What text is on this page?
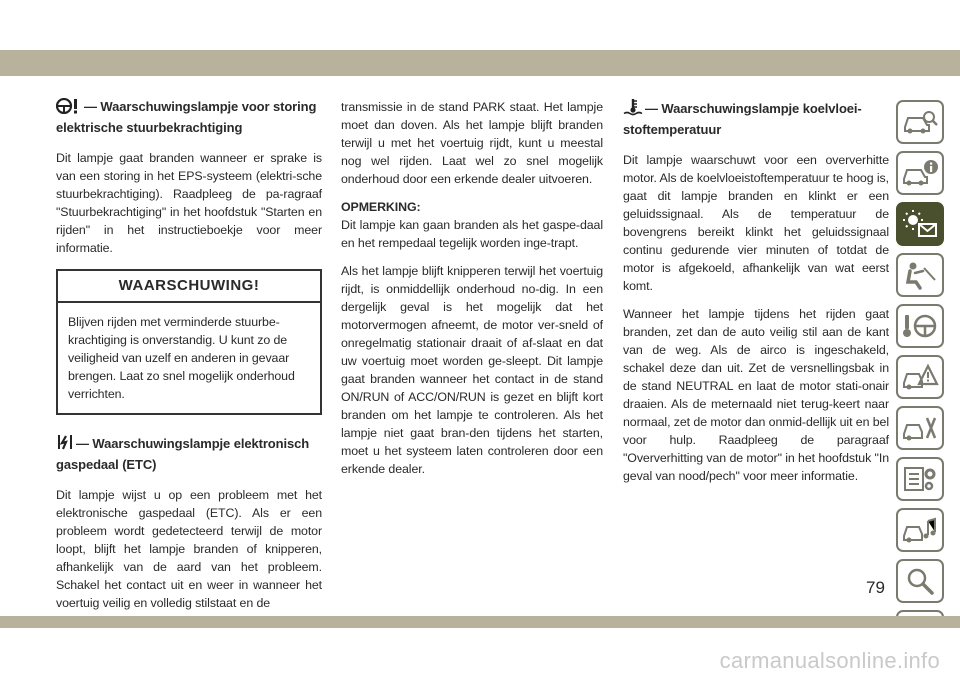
— Waarschuwingslampje voor storing elektrische stuurbekrachtiging

Dit lampje gaat branden wanneer er sprake is van een storing in het EPS-systeem (elektri-sche stuurbekrachtiging). Raadpleeg de pa-ragraaf "Stuurbekrachtiging" in het hoofdstuk "Starten en rijden" in het instructieboekje voor meer informatie.

WAARSCHUWING!
Blijven rijden met verminderde stuurbe-krachtiging is onverstandig. U kunt zo de veiligheid van uzelf en anderen in gevaar brengen. Laat zo snel mogelijk onderhoud verrichten.
— Waarschuwingslampje elektronisch gaspedaal (ETC)

Dit lampje wijst u op een probleem met het elektronische gaspedaal (ETC). Als er een probleem wordt gedetecteerd terwijl de motor loopt, blijft het lampje branden of knipperen, afhankelijk van de aard van het probleem. Schakel het contact uit en weer in wanneer het voertuig veilig en volledig stilstaat en de

transmissie in de stand PARK staat. Het lampje moet dan doven. Als het lampje blijft branden terwijl u met het voertuig rijdt, kunt u meestal nog wel rijden. Laat wel zo snel mogelijk onderhoud door een erkende dealer uitvoeren.

OPMERKING:

Dit lampje kan gaan branden als het gaspe-daal en het rempedaal tegelijk worden inge-trapt.

Als het lampje blijft knipperen terwijl het voertuig rijdt, is onmiddellijk onderhoud no-dig. In een dergelijk geval is het mogelijk dat het motorvermogen afneemt, de motor ver-sneld of onregelmatig stationair draait of af-slaat en dat uw voertuig moet worden ge-sleept. Dit lampje gaat branden wanneer het contact in de stand ON/RUN of ACC/ON/RUN is gezet en blijft kort branden om het lampje te controleren. Als het lampje niet gaat bran-den tijdens het starten, moet u het systeem laten controleren door een erkende dealer.

— Waarschuwingslampje koelvloei-stoftemperatuur

Dit lampje waarschuwt voor een oververhitte motor. Als de koelvloeistoftemperatuur te hoog is, gaat dit lampje branden en klinkt er een geluidssignaal. Als de temperatuur de bovengrens bereikt klinkt het geluidssignaal continu gedurende vier minuten of totdat de motor is afgekoeld, afhankelijk van wat eerst komt.

Wanneer het lampje tijdens het rijden gaat branden, zet dan de auto veilig stil aan de kant van de weg. Als de airco is ingeschakeld, schakel deze dan uit. Zet de versnellingsbak in de stand NEUTRAL en laat de motor stati-onair draaien. Als de meternaald niet terug-keert naar normaal, zet de motor dan onmid-dellijk uit en bel voor hulp. Raadpleeg de paragraaf "Oververhitting van de motor" in het hoofdstuk "In geval van nood/pech" voor meer informatie.

79
carmanualsonline.info
